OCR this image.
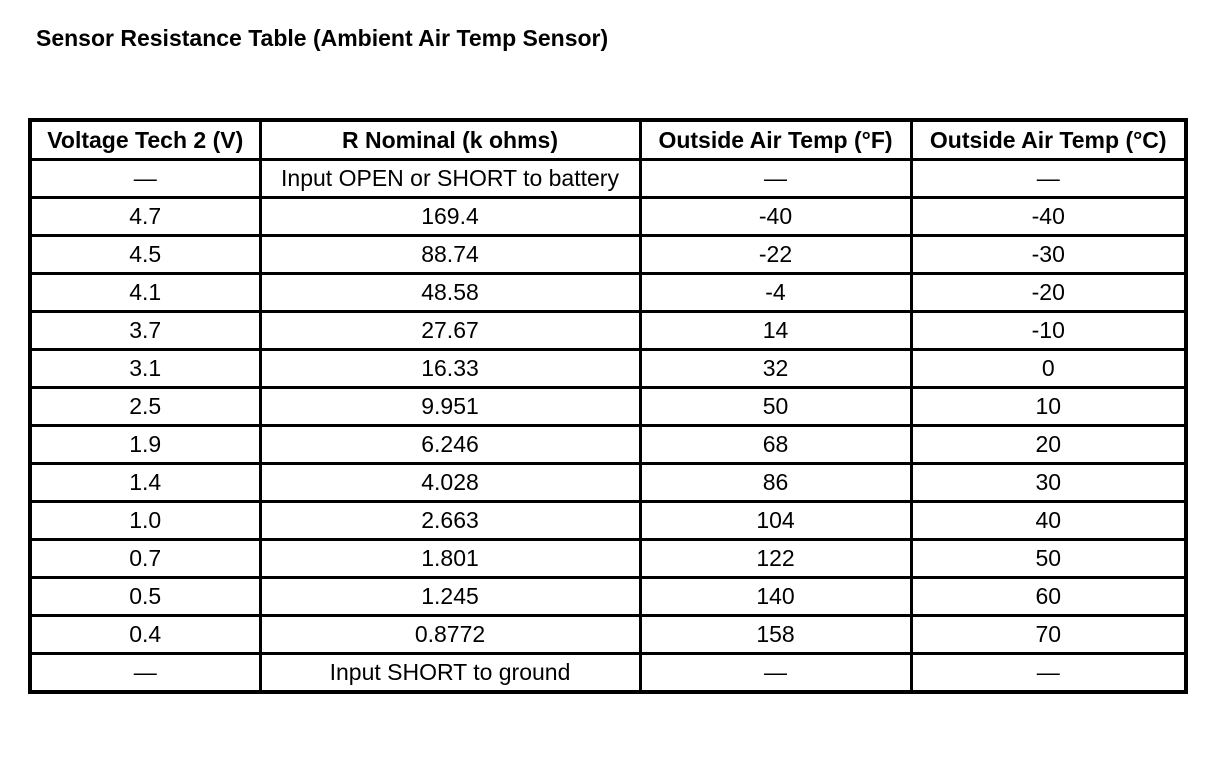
Sensor Resistance Table (Ambient Air Temp Sensor)
Voltage Tech 2 (V)	R Nominal (k ohms)	Outside Air Temp (°F)	Outside Air Temp (°C)
—	Input OPEN or SHORT to battery	—	—
4.7	169.4	-40	-40
4.5	88.74	-22	-30
4.1	48.58	-4	-20
3.7	27.67	14	-10
3.1	16.33	32	0
2.5	9.951	50	10
1.9	6.246	68	20
1.4	4.028	86	30
1.0	2.663	104	40
0.7	1.801	122	50
0.5	1.245	140	60
0.4	0.8772	158	70
—	Input SHORT to ground	—	—
